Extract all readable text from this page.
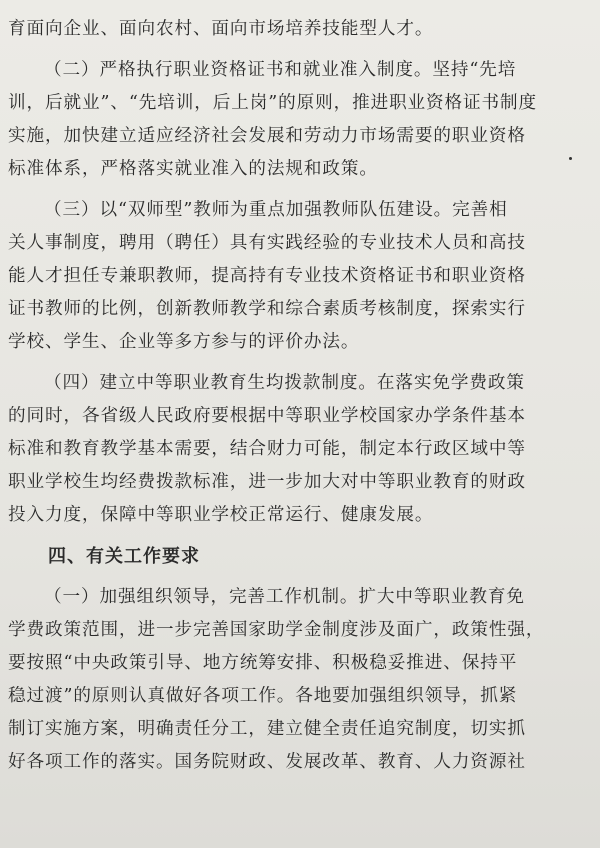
育面向企业、面向农村、面向市场培养技能型人才。
（二）严格执行职业资格证书和就业准入制度。坚持“先培
训，后就业”、“先培训，后上岗”的原则，推进职业资格证书制度
实施，加快建立适应经济社会发展和劳动力市场需要的职业资格
标准体系，严格落实就业准入的法规和政策。
（三）以“双师型”教师为重点加强教师队伍建设。完善相
关人事制度，聘用（聘任）具有实践经验的专业技术人员和高技
能人才担任专兼职教师，提高持有专业技术资格证书和职业资格
证书教师的比例，创新教师教学和综合素质考核制度，探索实行
学校、学生、企业等多方参与的评价办法。
（四）建立中等职业教育生均拨款制度。在落实免学费政策
的同时，各省级人民政府要根据中等职业学校国家办学条件基本
标准和教育教学基本需要，结合财力可能，制定本行政区域中等
职业学校生均经费拨款标准，进一步加大对中等职业教育的财政
投入力度，保障中等职业学校正常运行、健康发展。
四、有关工作要求
（一）加强组织领导，完善工作机制。扩大中等职业教育免
学费政策范围，进一步完善国家助学金制度涉及面广，政策性强，
要按照“中央政策引导、地方统筹安排、积极稳妥推进、保持平
稳过渡”的原则认真做好各项工作。各地要加强组织领导，抓紧
制订实施方案，明确责任分工，建立健全责任追究制度，切实抓
好各项工作的落实。国务院财政、发展改革、教育、人力资源社
